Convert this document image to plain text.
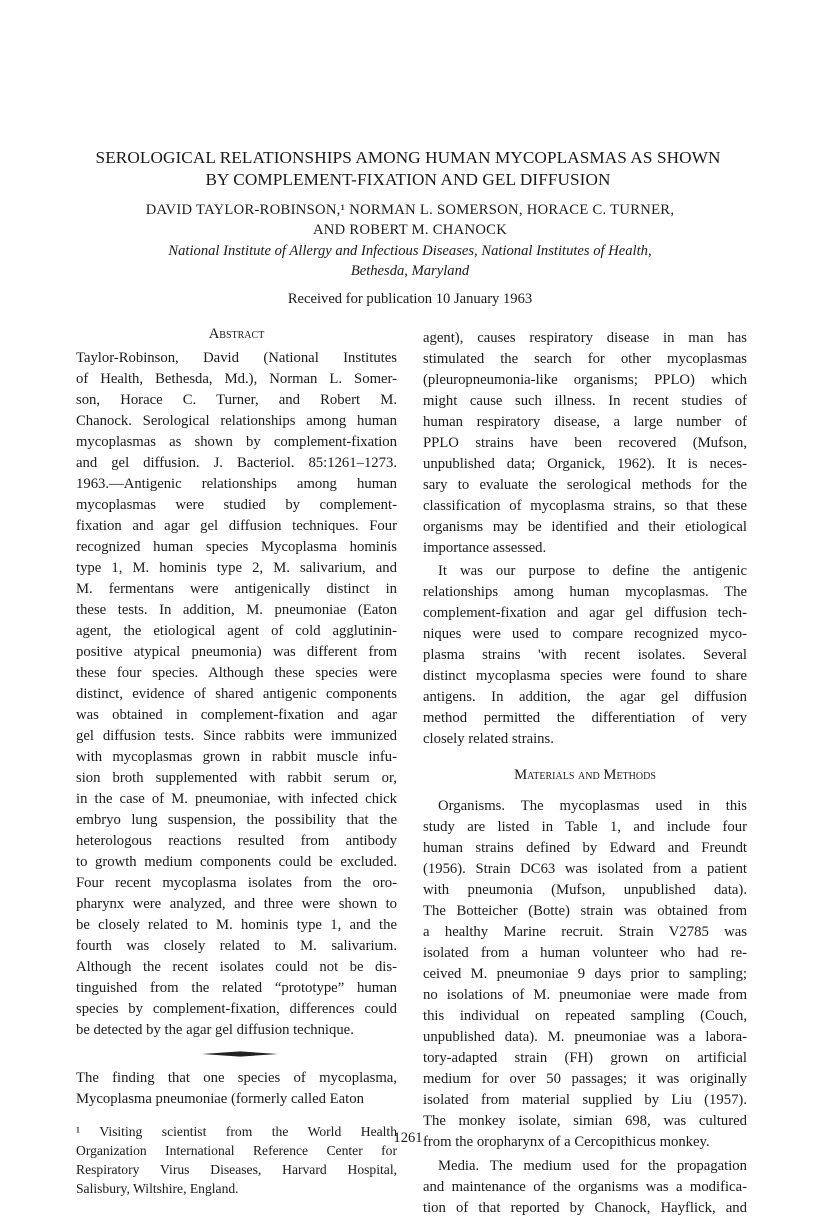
SEROLOGICAL RELATIONSHIPS AMONG HUMAN MYCOPLASMAS AS SHOWN
BY COMPLEMENT-FIXATION AND GEL DIFFUSION
DAVID TAYLOR-ROBINSON,¹ NORMAN L. SOMERSON, HORACE C. TURNER,
AND ROBERT M. CHANOCK
National Institute of Allergy and Infectious Diseases, National Institutes of Health,
Bethesda, Maryland
Received for publication 10 January 1963
Abstract
Taylor-Robinson, David (National Institutes
of Health, Bethesda, Md.), Norman L. Somer-
son, Horace C. Turner, and Robert M.
Chanock. Serological relationships among human
mycoplasmas as shown by complement-fixation
and gel diffusion. J. Bacteriol. 85:1261–1273.
1963.—Antigenic relationships among human
mycoplasmas were studied by complement-
fixation and agar gel diffusion techniques. Four
recognized human species Mycoplasma hominis
type 1, M. hominis type 2, M. salivarium, and
M. fermentans were antigenically distinct in
these tests. In addition, M. pneumoniae (Eaton
agent, the etiological agent of cold agglutinin-
positive atypical pneumonia) was different from
these four species. Although these species were
distinct, evidence of shared antigenic components
was obtained in complement-fixation and agar
gel diffusion tests. Since rabbits were immunized
with mycoplasmas grown in rabbit muscle infu-
sion broth supplemented with rabbit serum or,
in the case of M. pneumoniae, with infected chick
embryo lung suspension, the possibility that the
heterologous reactions resulted from antibody
to growth medium components could be excluded.
Four recent mycoplasma isolates from the oro-
pharynx were analyzed, and three were shown to
be closely related to M. hominis type 1, and the
fourth was closely related to M. salivarium.
Although the recent isolates could not be dis-
tinguished from the related “prototype” human
species by complement-fixation, differences could
be detected by the agar gel diffusion technique.
The finding that one species of mycoplasma,
Mycoplasma pneumoniae (formerly called Eaton
¹ Visiting scientist from the World Health
Organization International Reference Center for
Respiratory Virus Diseases, Harvard Hospital,
Salisbury, Wiltshire, England.
agent), causes respiratory disease in man has
stimulated the search for other mycoplasmas
(pleuropneumonia-like organisms; PPLO) which
might cause such illness. In recent studies of
human respiratory disease, a large number of
PPLO strains have been recovered (Mufson,
unpublished data; Organick, 1962). It is neces-
sary to evaluate the serological methods for the
classification of mycoplasma strains, so that these
organisms may be identified and their etiological
importance assessed.
It was our purpose to define the antigenic
relationships among human mycoplasmas. The
complement-fixation and agar gel diffusion tech-
niques were used to compare recognized myco-
plasma strains 'with recent isolates. Several
distinct mycoplasma species were found to share
antigens. In addition, the agar gel diffusion
method permitted the differentiation of very
closely related strains.
Materials and Methods
Organisms. The mycoplasmas used in this
study are listed in Table 1, and include four
human strains defined by Edward and Freundt
(1956). Strain DC63 was isolated from a patient
with pneumonia (Mufson, unpublished data).
The Botteicher (Botte) strain was obtained from
a healthy Marine recruit. Strain V2785 was
isolated from a human volunteer who had re-
ceived M. pneumoniae 9 days prior to sampling;
no isolations of M. pneumoniae were made from
this individual on repeated sampling (Couch,
unpublished data). M. pneumoniae was a labora-
tory-adapted strain (FH) grown on artificial
medium for over 50 passages; it was originally
isolated from material supplied by Liu (1957).
The monkey isolate, simian 698, was cultured
from the oropharynx of a Cercopithicus monkey.
Media. The medium used for the propagation
and maintenance of the organisms was a modifica-
tion of that reported by Chanock, Hayflick, and
1261
